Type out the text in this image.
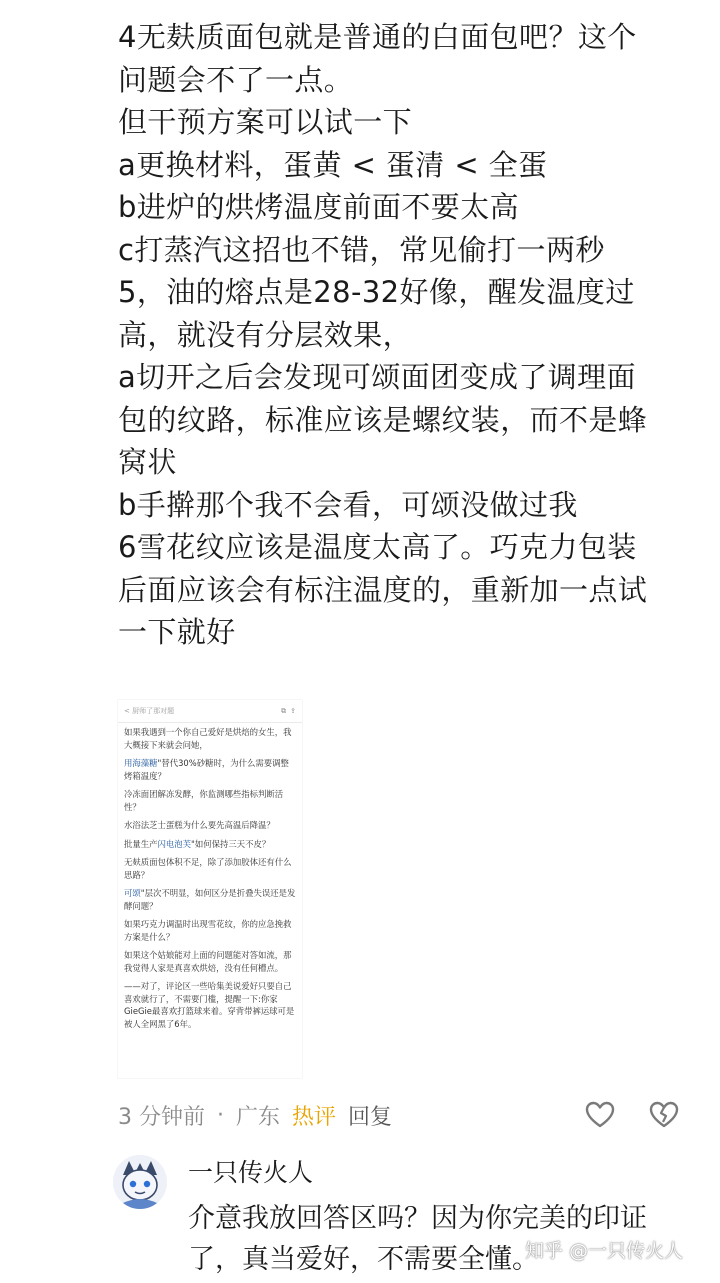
4无麸质面包就是普通的白面包吧？这个
问题会不了一点。
但干预方案可以试一下
a更换材料，蛋黄 < 蛋清 < 全蛋
b进炉的烘烤温度前面不要太高
c打蒸汽这招也不错，常见偷打一两秒
5，油的熔点是28-32好像，醒发温度过
高，就没有分层效果，
a切开之后会发现可颂面团变成了调理面
包的纹路，标准应该是螺纹装，而不是蜂
窝状
b手擀那个我不会看，可颂没做过我
6雪花纹应该是温度太高了。巧克力包装
后面应该会有标注温度的，重新加一点试
一下就好
< 厨师了那对题	⧉ ⇪
如果我遇到一个你自己爱好是烘焙的女生，我大概接下来就会问她，
用海藻糖"替代30%砂糖时，为什么需要调整烤箱温度？
冷冻面团解冻发酵，你监测哪些指标判断活性？
水浴法芝士蛋糕为什么要先高温后降温？
批量生产闪电泡芙"如何保持三天不皮？
无麸质面包体积不足，除了添加胶体还有什么思路？
可颂"层次不明显，如何区分是折叠失误还是发酵问题？
如果巧克力调温时出现雪花纹，你的应急挽救方案是什么？
如果这个姑娘能对上面的问题能对答如流，那我觉得人家是真喜欢烘焙，没有任何槽点。
——对了，评论区一些哈集美说爱好只要自己喜欢就行了，不需要门槛，提醒一下:你家GieGie最喜欢打篮球来着。穿背带裤运球可是被人全网黑了6年。
3 分钟前 · 广东 热评 回复
一只传火人
介意我放回答区吗？因为你完美的印证
了，真当爱好，不需要全懂。
知乎 @一只传火人
